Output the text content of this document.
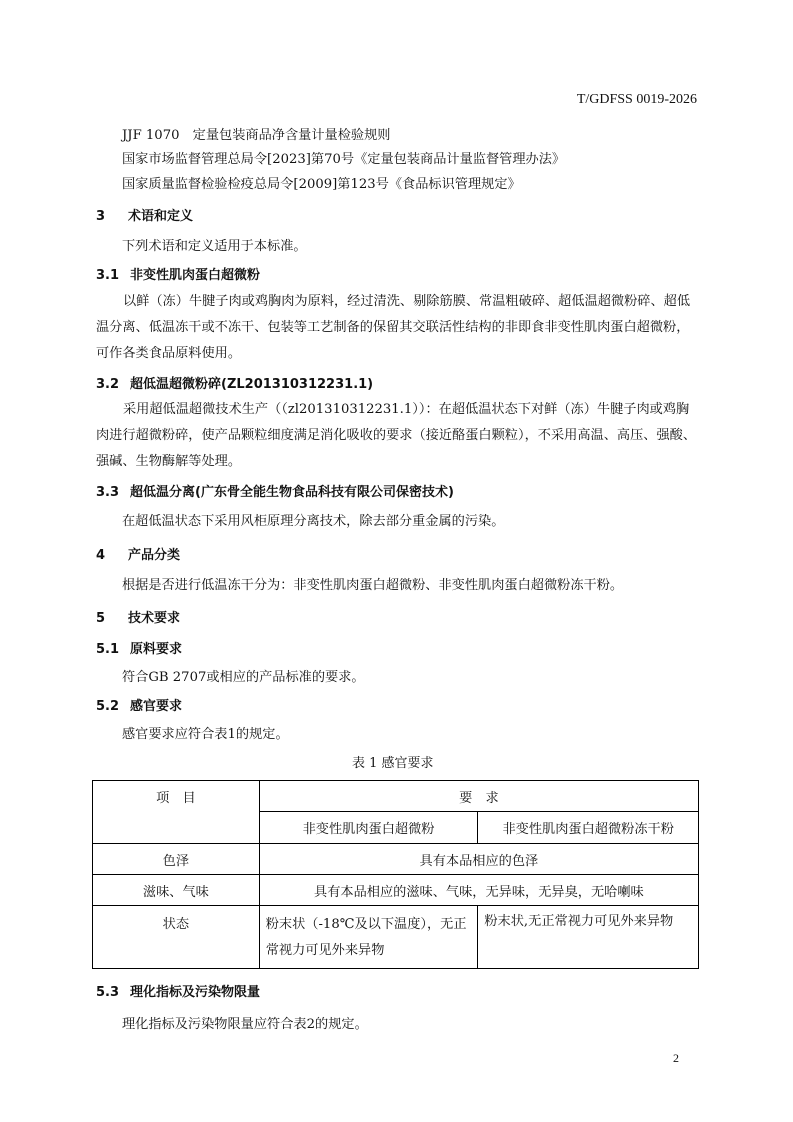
T/GDFSS 0019-2026
JJF 1070　定量包装商品净含量计量检验规则
国家市场监督管理总局令[2023]第70号《定量包装商品计量监督管理办法》
国家质量监督检验检疫总局令[2009]第123号《食品标识管理规定》
3 术语和定义
下列术语和定义适用于本标准。
3.1 非变性肌肉蛋白超微粉
以鲜（冻）牛腱子肉或鸡胸肉为原料，经过清洗、剔除筋膜、常温粗破碎、超低温超微粉碎、超低温分离、低温冻干或不冻干、包装等工艺制备的保留其交联活性结构的非即食非变性肌肉蛋白超微粉，可作各类食品原料使用。
3.2 超低温超微粉碎(ZL201310312231.1)
采用超低温超微技术生产（（zl201310312231.1））：在超低温状态下对鲜（冻）牛腱子肉或鸡胸肉进行超微粉碎，使产品颗粒细度满足消化吸收的要求（接近酪蛋白颗粒），不采用高温、高压、强酸、强碱、生物酶解等处理。
3.3 超低温分离(广东骨全能生物食品科技有限公司保密技术)
在超低温状态下采用风柜原理分离技术，除去部分重金属的污染。
4 产品分类
根据是否进行低温冻干分为：非变性肌肉蛋白超微粉、非变性肌肉蛋白超微粉冻干粉。
5 技术要求
5.1 原料要求
符合GB 2707或相应的产品标准的要求。
5.2 感官要求
感官要求应符合表1的规定。
表 1 感官要求
项　目	要　求	
	非变性肌肉蛋白超微粉	非变性肌肉蛋白超微粉冻干粉
色泽	具有本品相应的色泽	
滋味、气味	具有本品相应的滋味、气味，无异味，无异臭，无哈喇味	
状态	粉末状（-18℃及以下温度），无正常视力可见外来异物	粉末状,无正常视力可见外来异物
5.3 理化指标及污染物限量
理化指标及污染物限量应符合表2的规定。
2
